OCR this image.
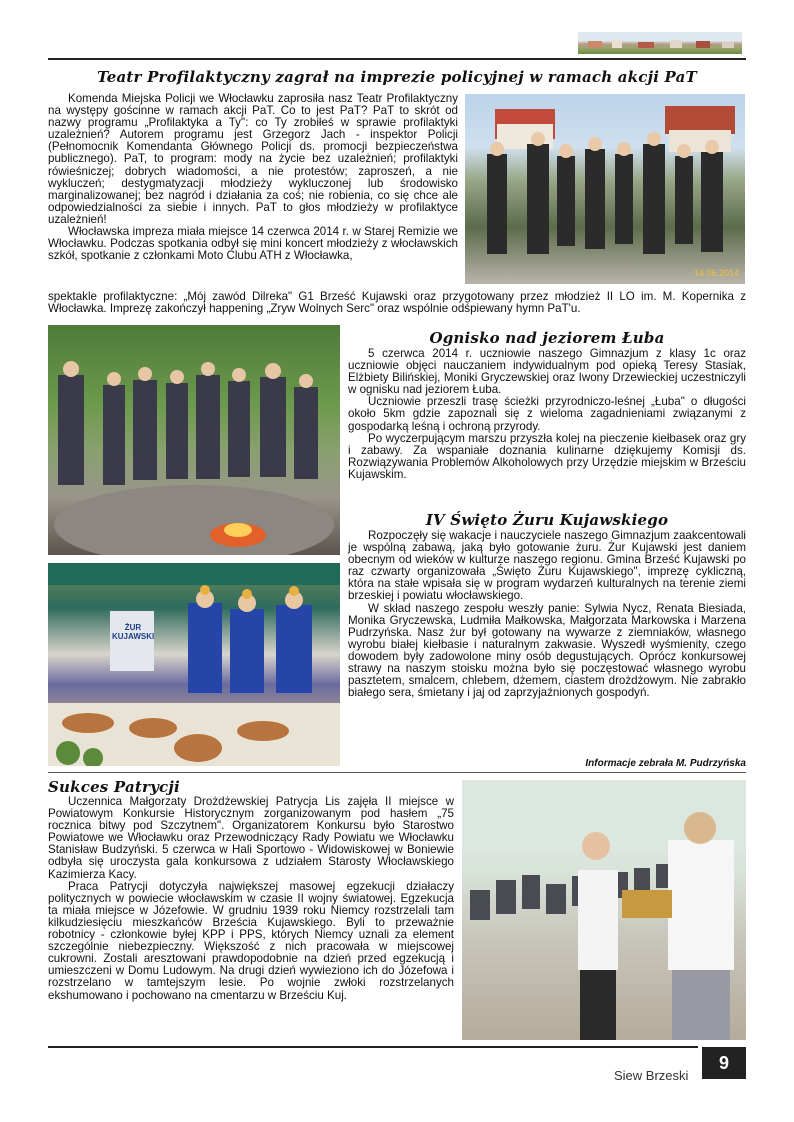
Teatr Profilaktyczny zagrał na imprezie policyjnej w ramach akcji PaT

Komenda Miejska Policji we Włocławku zaprosiła nasz Teatr Profilaktyczny na występy gościnne w ramach akcji PaT. Co to jest PaT? PaT to skrót od nazwy programu „Profilaktyka a Ty": co Ty zrobiłeś w sprawie profilaktyki uzależnień? Autorem programu jest Grzegorz Jach - inspektor Policji (Pełnomocnik Komendanta Głównego Policji ds. promocji bezpieczeństwa publicznego). PaT, to program: mody na życie bez uzależnień; profilaktyki rówieśniczej; dobrych wiadomości, a nie protestów; zaproszeń, a nie wykluczeń; destygmatyzacji młodzieży wykluczonej lub środowisko marginalizowanej; bez nagród i działania za coś; nie robienia, co się chce ale odpowiedzialności za siebie i innych. PaT to głos młodzieży w profilaktyce uzależnień!

Włocławska impreza miała miejsce 14 czerwca 2014 r. w Starej Remizie we Włocławku. Podczas spotkania odbył się mini koncert młodzieży z włocławskich szkół, spotkanie z członkami Moto Clubu ATH z Włocławka,

spektakle profilaktyczne: „Mój zawód Dilreka" G1 Brześć Kujawski oraz przygotowany przez młodzież II LO im. M. Kopernika z Włocławka. Imprezę zakończył happening „Zryw Wolnych Serc" oraz wspólnie odśpiewany hymn PaT'u.

14.06.2014
Ognisko nad jeziorem Łuba

5 czerwca 2014 r. uczniowie naszego Gimnazjum z klasy 1c oraz uczniowie objęci nauczaniem indywidualnym pod opieką Teresy Stasiak, Elżbiety Bilińskiej, Moniki Gryczewskiej oraz Iwony Drzewieckiej uczestniczyli w ognisku nad jeziorem Łuba.

Uczniowie przeszli trasę ścieżki przyrodniczo-leśnej „Łuba" o długości około 5km gdzie zapoznali się z wieloma zagadnieniami związanymi z gospodarką leśną i ochroną przyrody.

Po wyczerpującym marszu przyszła kolej na pieczenie kiełbasek oraz gry i zabawy. Za wspaniałe doznania kulinarne dziękujemy Komisji ds. Rozwiązywania Problemów Alkoholowych przy Urzędzie miejskim w Brześciu Kujawskim.

ŻUR KUJAWSKI
IV Święto Żuru Kujawskiego

Rozpoczęły się wakacje i nauczyciele naszego Gimnazjum zaakcentowali je wspólną zabawą, jaką było gotowanie żuru. Żur Kujawski jest daniem obecnym od wieków w kulturze naszego regionu. Gmina Brześć Kujawski po raz czwarty organizowała „Święto Żuru Kujawskiego", imprezę cykliczną, która na stałe wpisała się w program wydarzeń kulturalnych na terenie ziemi brzeskiej i powiatu włocławskiego.

W skład naszego zespołu weszły panie: Sylwia Nycz, Renata Biesiada, Monika Gryczewska, Ludmiła Małkowska, Małgorzata Markowska i Marzena Pudrzyńska. Nasz żur był gotowany na wywarze z ziemniaków, własnego wyrobu białej kiełbasie i naturalnym zakwasie. Wyszedł wyśmienity, czego dowodem były zadowolone miny osób degustujących. Oprócz konkursowej strawy na naszym stoisku można było się poczęstować własnego wyrobu pasztetem, smalcem, chlebem, dżemem, ciastem drożdżowym. Nie zabrakło białego sera, śmietany i jaj od zaprzyjaźnionych gospodyń.

Informacje zebrała M. Pudrzyńska
Sukces Patrycji

Uczennica Małgorzaty Drożdżewskiej Patrycja Lis zajęła II miejsce w Powiatowym Konkursie Historycznym zorganizowanym pod hasłem „75 rocznica bitwy pod Szczytnem". Organizatorem Konkursu było Starostwo Powiatowe we Włocławku oraz Przewodniczący Rady Powiatu we Włocławku Stanisław Budzyński. 5 czerwca w Hali Sportowo - Widowiskowej w Boniewie odbyła się uroczysta gala konkursowa z udziałem Starosty Włocławskiego Kazimierza Kacy.

Praca Patrycji dotyczyła największej masowej egzekucji działaczy politycznych w powiecie włocławskim w czasie II wojny światowej. Egzekucja ta miała miejsce w Józefowie. W grudniu 1939 roku Niemcy rozstrzelali tam kilkudziesięciu mieszkańców Brześcia Kujawskiego. Byli to przeważnie robotnicy - członkowie byłej KPP i PPS, których Niemcy uznali za element szczególnie niebezpieczny. Większość z nich pracowała w miejscowej cukrowni. Zostali aresztowani prawdopodobnie na dzień przed egzekucją i umieszczeni w Domu Ludowym. Na drugi dzień wywieziono ich do Józefowa i rozstrzelano w tamtejszym lesie. Po wojnie zwłoki rozstrzelanych ekshumowano i pochowano na cmentarzu w Brześciu Kuj.

Siew Brzeski
9
